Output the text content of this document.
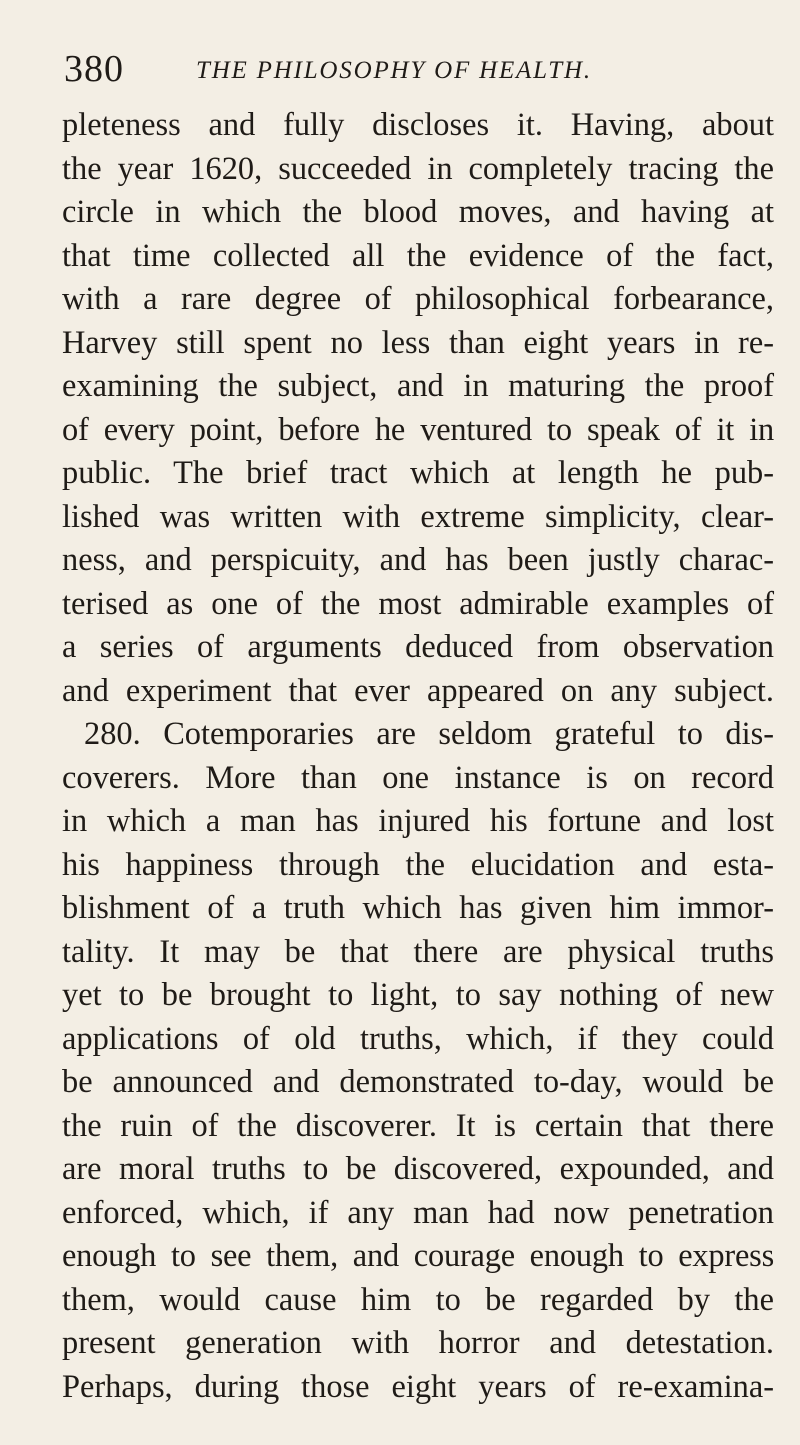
380	THE PHILOSOPHY OF HEALTH.
pleteness and fully discloses it. Having, about
the year 1620, succeeded in completely tracing the
circle in which the blood moves, and having at
that time collected all the evidence of the fact,
with a rare degree of philosophical forbearance,
Harvey still spent no less than eight years in re-
examining the subject, and in maturing the proof
of every point, before he ventured to speak of it in
public. The brief tract which at length he pub-
lished was written with extreme simplicity, clear-
ness, and perspicuity, and has been justly charac-
terised as one of the most admirable examples of
a series of arguments deduced from observation
and experiment that ever appeared on any subject.
280. Cotemporaries are seldom grateful to dis-
coverers. More than one instance is on record
in which a man has injured his fortune and lost
his happiness through the elucidation and esta-
blishment of a truth which has given him immor-
tality. It may be that there are physical truths
yet to be brought to light, to say nothing of new
applications of old truths, which, if they could
be announced and demonstrated to-day, would be
the ruin of the discoverer. It is certain that there
are moral truths to be discovered, expounded, and
enforced, which, if any man had now penetration
enough to see them, and courage enough to express
them, would cause him to be regarded by the
present generation with horror and detestation.
Perhaps, during those eight years of re-examina-
